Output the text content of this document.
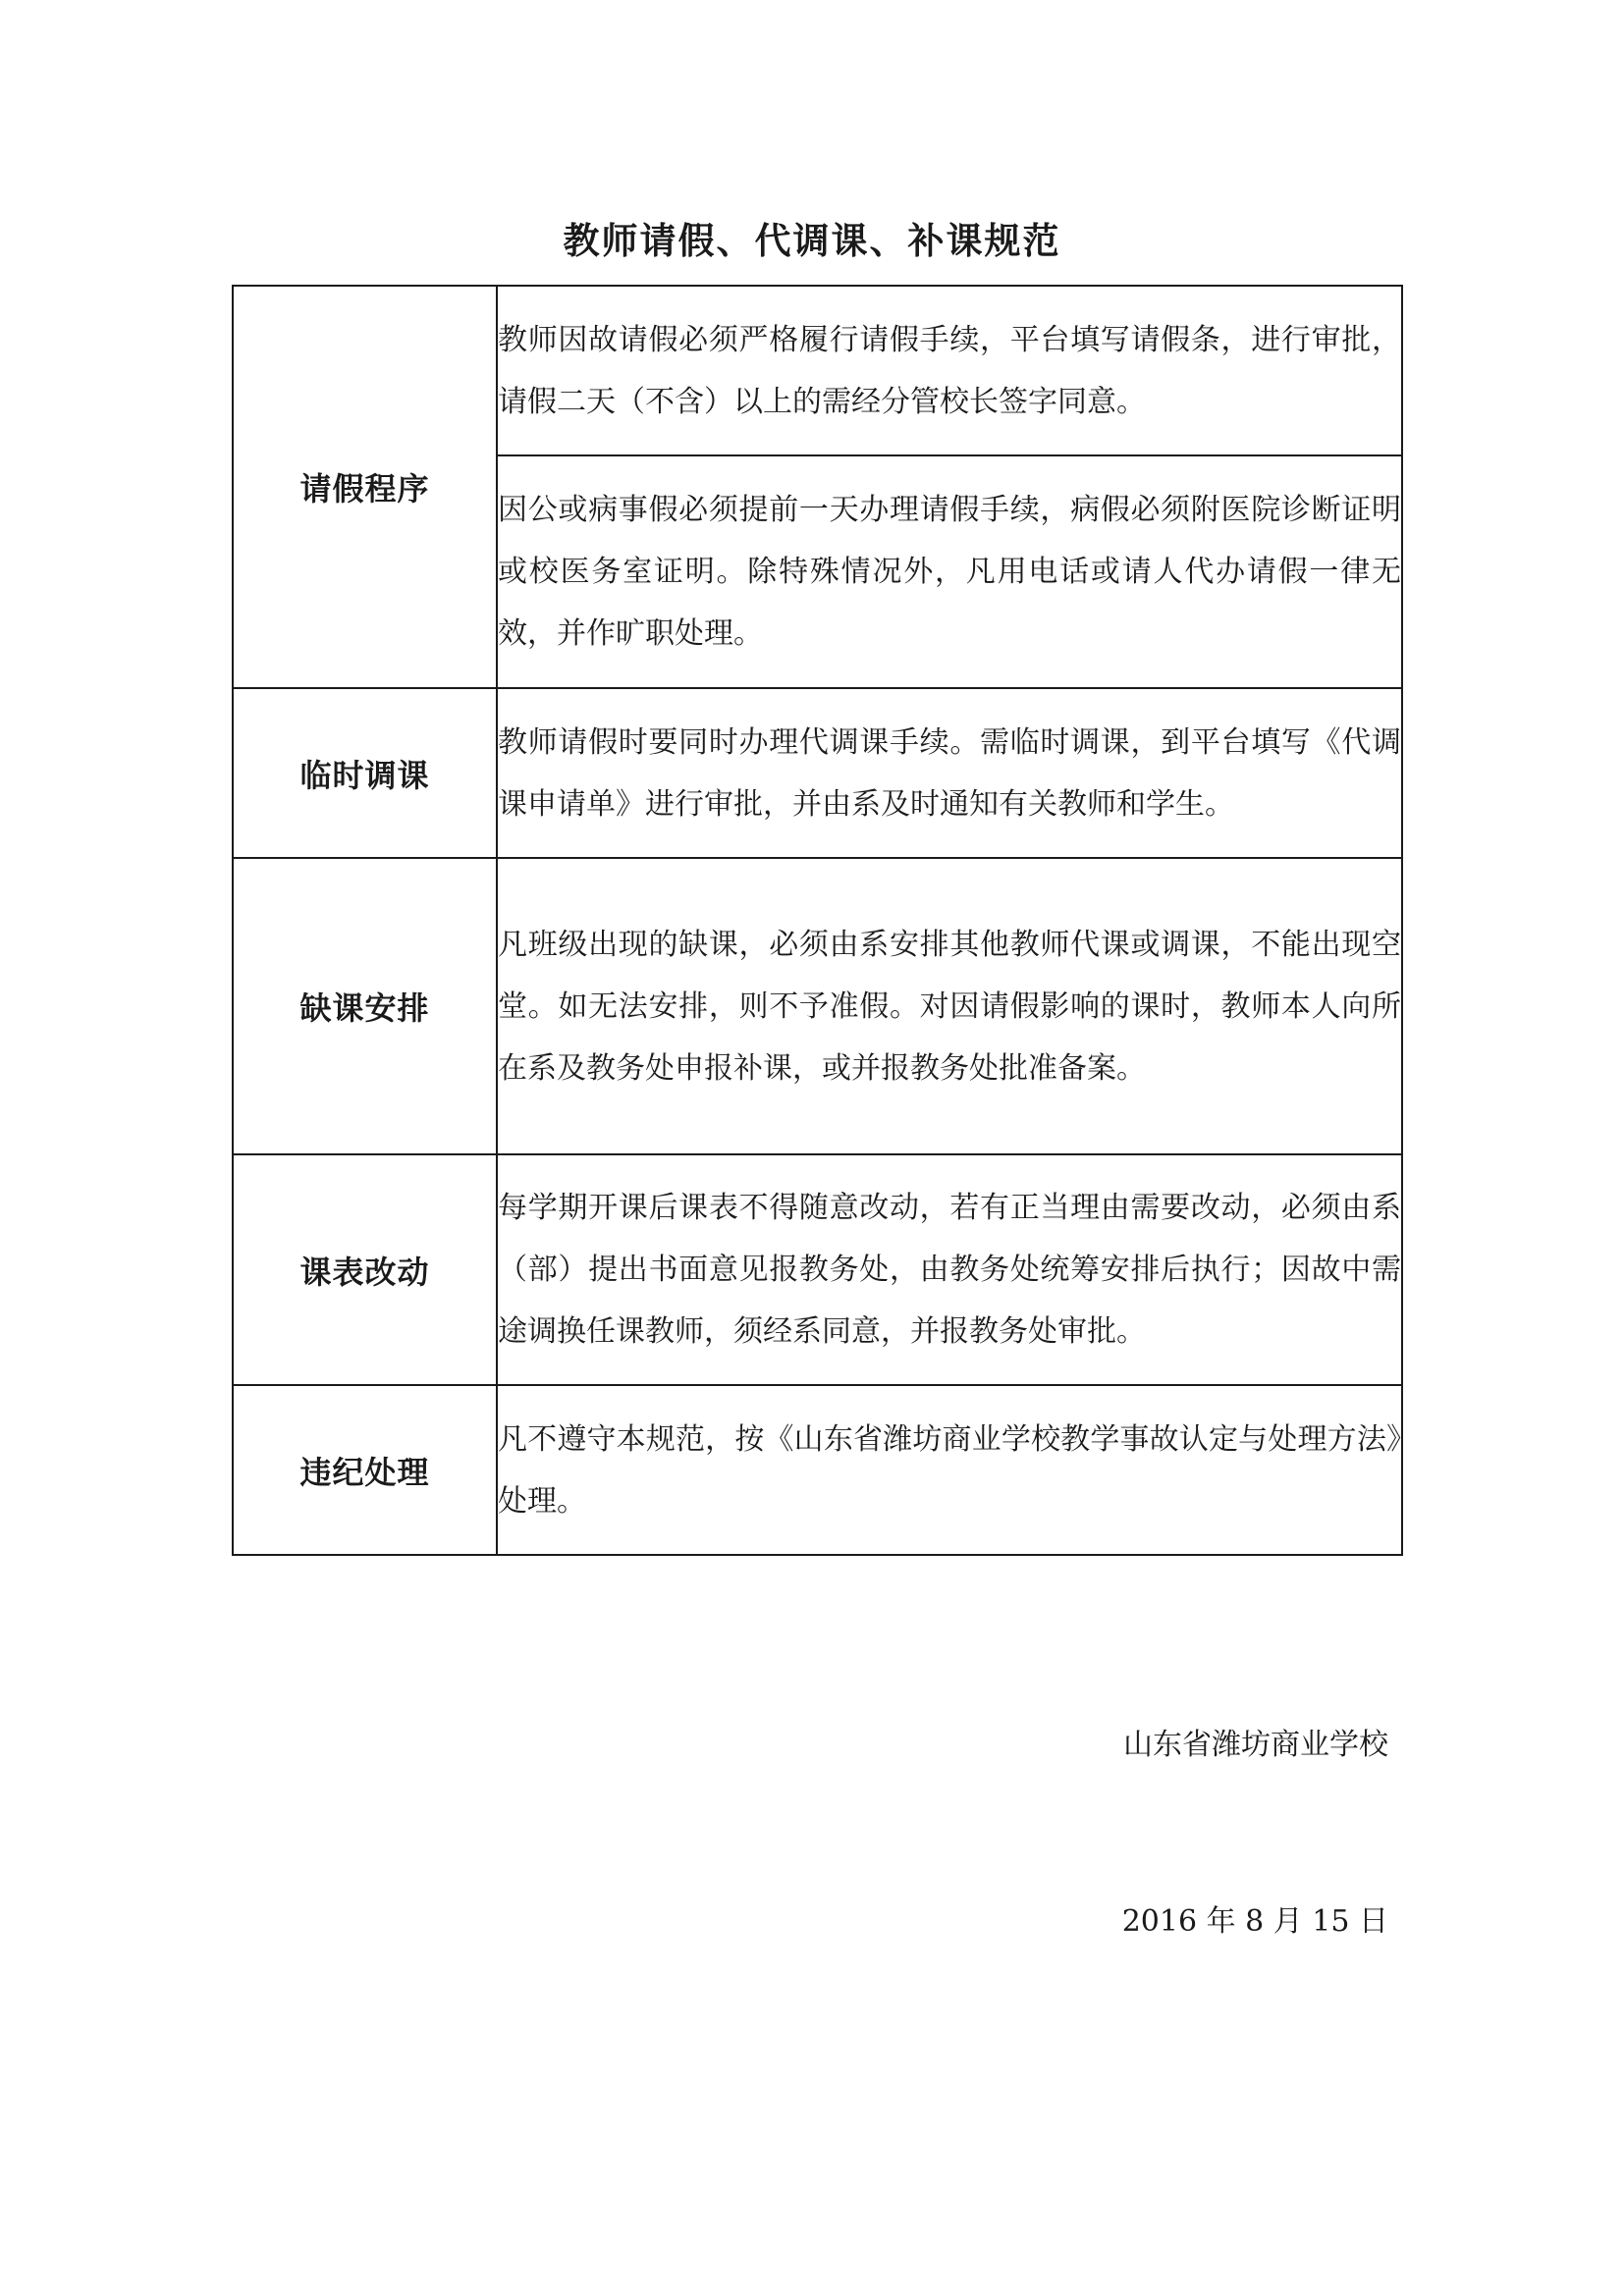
教师请假、代调课、补课规范
请假程序	教师因故请假必须严格履行请假手续，平台填写请假条，进行审批，请假二天（不含）以上的需经分管校长签字同意。
	因公或病事假必须提前一天办理请假手续，病假必须附医院诊断证明或校医务室证明。除特殊情况外，凡用电话或请人代办请假一律无效，并作旷职处理。
临时调课	教师请假时要同时办理代调课手续。需临时调课，到平台填写《代调课申请单》进行审批，并由系及时通知有关教师和学生。
缺课安排	凡班级出现的缺课，必须由系安排其他教师代课或调课，不能出现空堂。如无法安排，则不予准假。对因请假影响的课时，教师本人向所在系及教务处申报补课，或并报教务处批准备案。
课表改动	每学期开课后课表不得随意改动，若有正当理由需要改动，必须由系（部）提出书面意见报教务处，由教务处统筹安排后执行；因故中需途调换任课教师，须经系同意，并报教务处审批。
违纪处理	凡不遵守本规范，按《山东省潍坊商业学校教学事故认定与处理方法》处理。
山东省潍坊商业学校
2016 年 8 月 15 日
